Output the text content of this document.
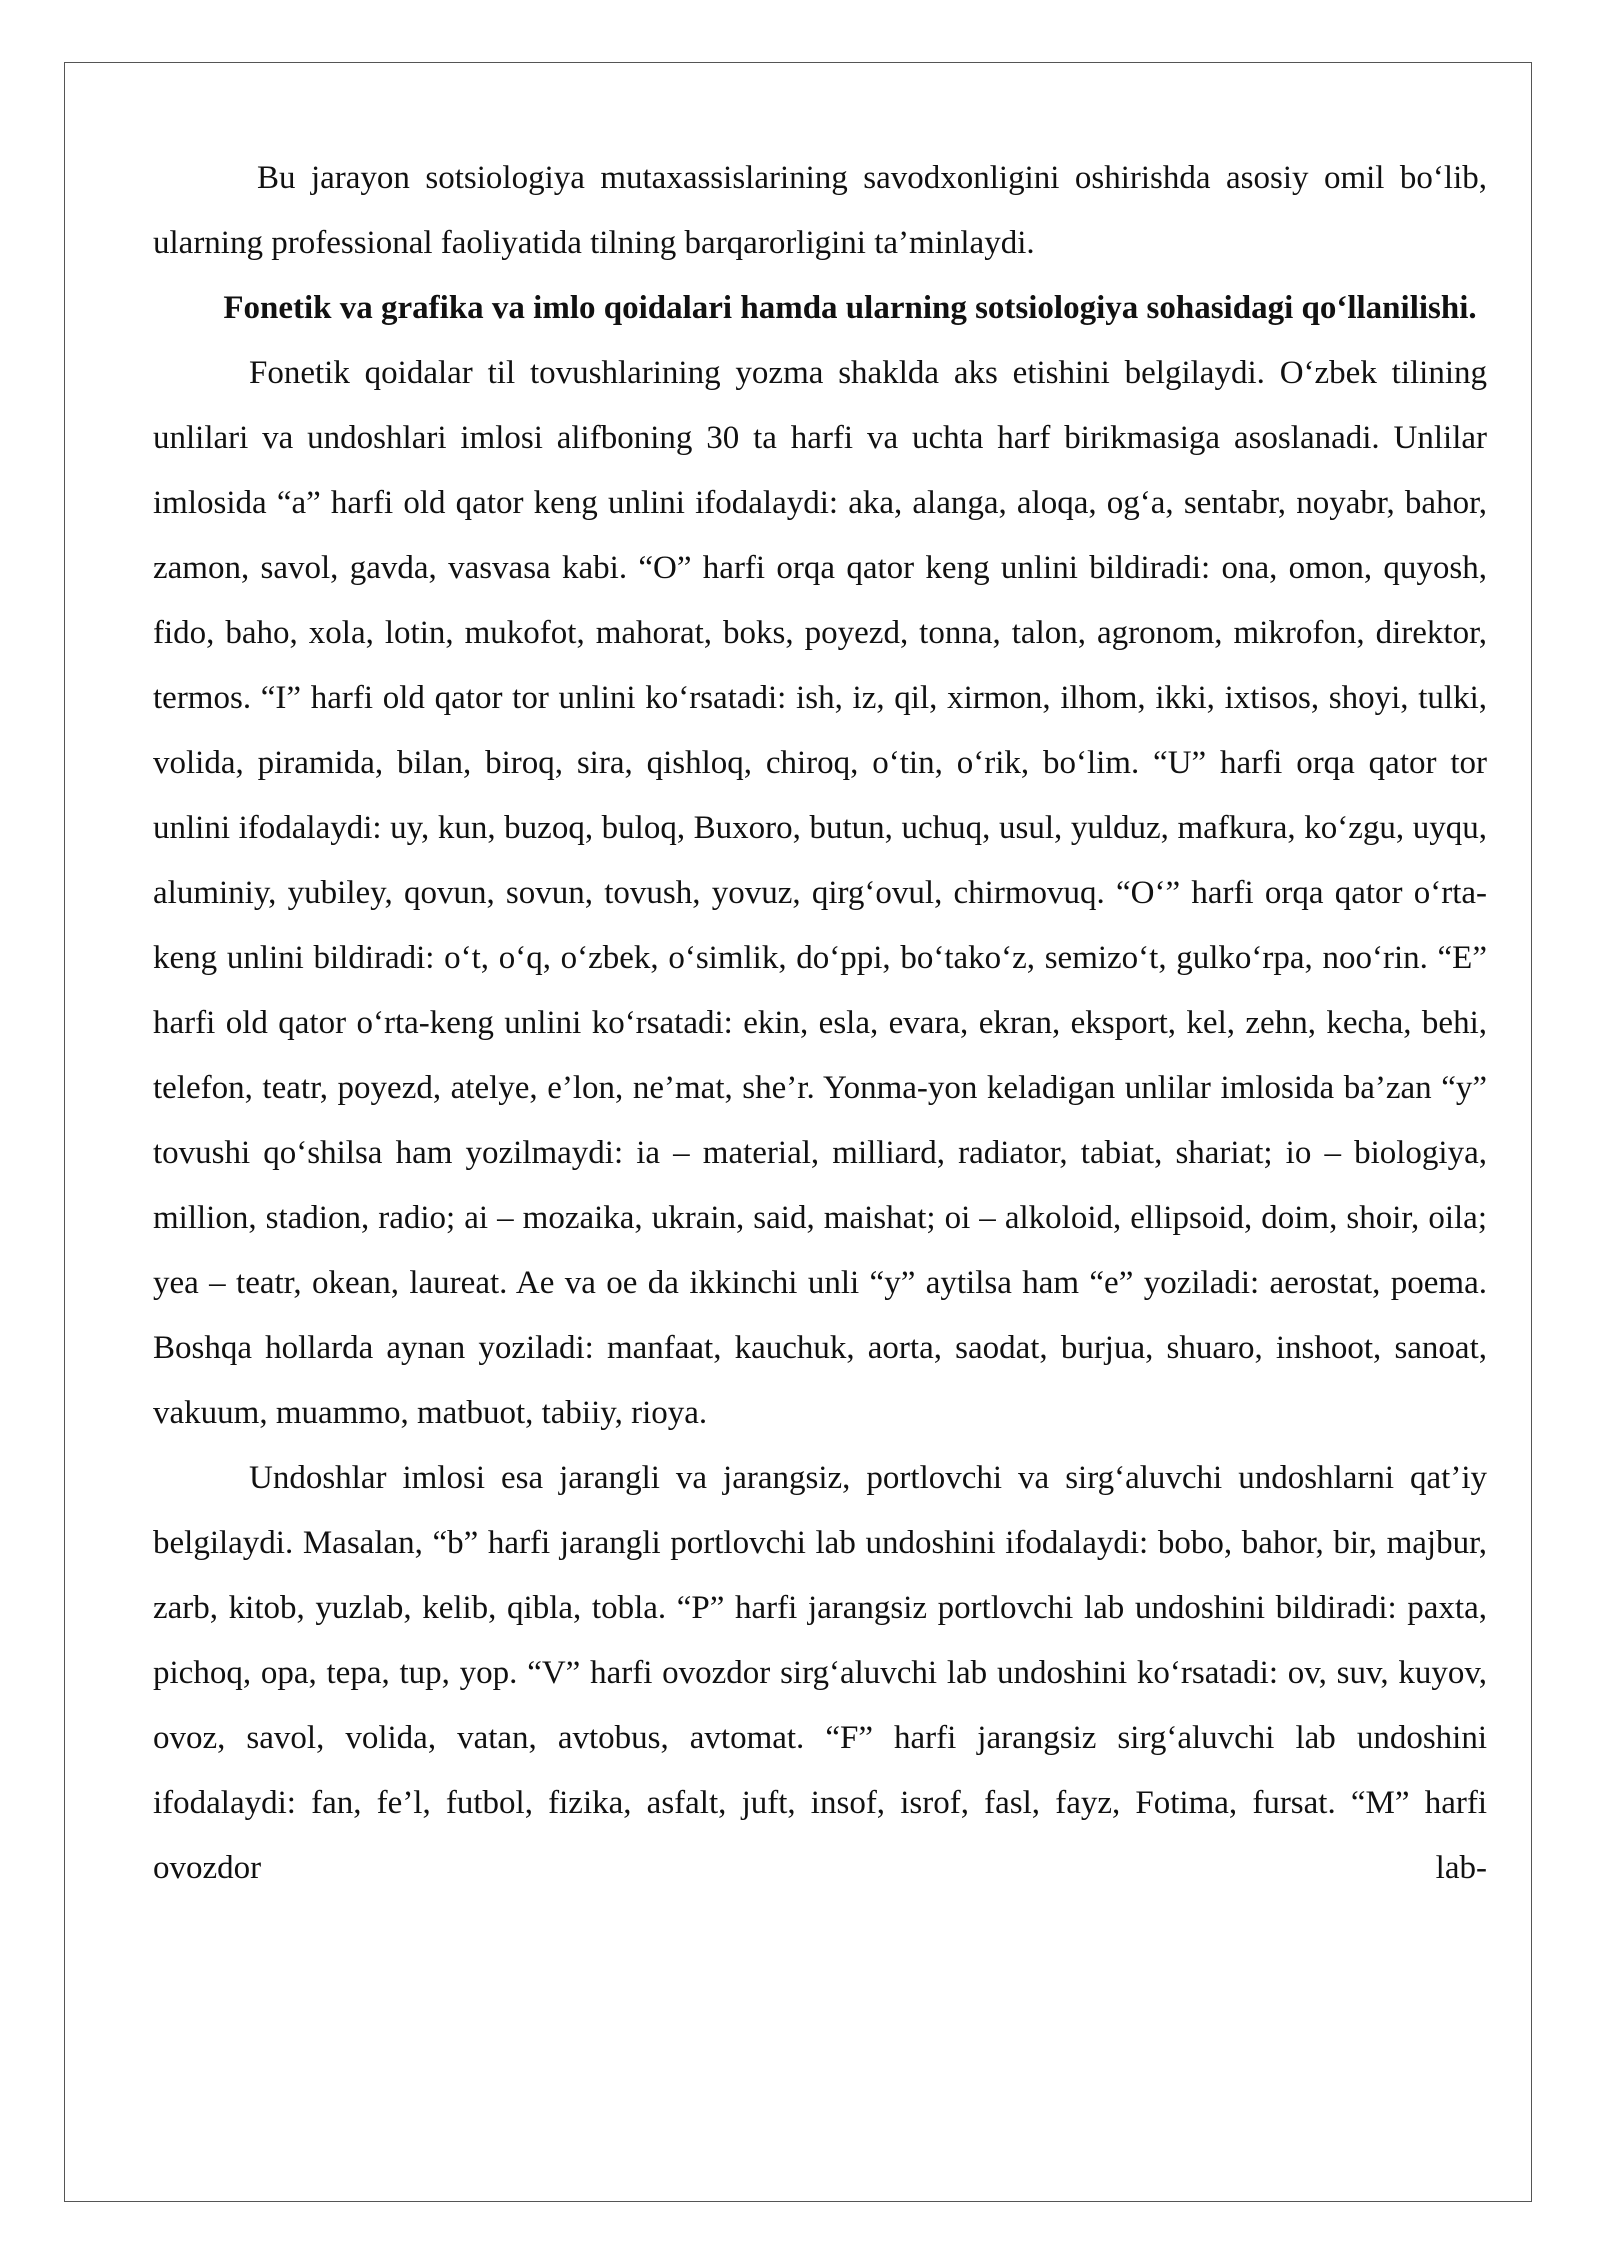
Bu jarayon sotsiologiya mutaxassislarining savodxonligini oshirishda asosiy omil bo‘lib, ularning professional faoliyatida tilning barqarorligini ta’minlaydi.

Fonetik va grafika va imlo qoidalari hamda ularning sotsiologiya sohasidagi qo‘llanilishi.

Fonetik qoidalar til tovushlarining yozma shaklda aks etishini belgilaydi. O‘zbek tilining unlilari va undoshlari imlosi alifboning 30 ta harfi va uchta harf birikmasiga asoslanadi. Unlilar imlosida “a” harfi old qator keng unlini ifodalaydi: aka, alanga, aloqa, og‘a, sentabr, noyabr, bahor, zamon, savol, gavda, vasvasa kabi. “O” harfi orqa qator keng unlini bildiradi: ona, omon, quyosh, fido, baho, xola, lotin, mukofot, mahorat, boks, poyezd, tonna, talon, agronom, mikrofon, direktor, termos. “I” harfi old qator tor unlini ko‘rsatadi: ish, iz, qil, xirmon, ilhom, ikki, ixtisos, shoyi, tulki, volida, piramida, bilan, biroq, sira, qishloq, chiroq, o‘tin, o‘rik, bo‘lim. “U” harfi orqa qator tor unlini ifodalaydi: uy, kun, buzoq, buloq, Buxoro, butun, uchuq, usul, yulduz, mafkura, ko‘zgu, uyqu, aluminiy, yubiley, qovun, sovun, tovush, yovuz, qirg‘ovul, chirmovuq. “O‘” harfi orqa qator o‘rta-keng unlini bildiradi: o‘t, o‘q, o‘zbek, o‘simlik, do‘ppi, bo‘tako‘z, semizo‘t, gulko‘rpa, noo‘rin. “E” harfi old qator o‘rta-keng unlini ko‘rsatadi: ekin, esla, evara, ekran, eksport, kel, zehn, kecha, behi, telefon, teatr, poyezd, atelye, e’lon, ne’mat, she’r. Yonma-yon keladigan unlilar imlosida ba’zan “y” tovushi qo‘shilsa ham yozilmaydi: ia – material, milliard, radiator, tabiat, shariat; io – biologiya, million, stadion, radio; ai – mozaika, ukrain, said, maishat; oi – alkoloid, ellipsoid, doim, shoir, oila; yea – teatr, okean, laureat. Ae va oe da ikkinchi unli “y” aytilsa ham “e” yoziladi: aerostat, poema. Boshqa hollarda aynan yoziladi: manfaat, kauchuk, aorta, saodat, burjua, shuaro, inshoot, sanoat, vakuum, muammo, matbuot, tabiiy, rioya.

Undoshlar imlosi esa jarangli va jarangsiz, portlovchi va sirg‘aluvchi undoshlarni qat’iy belgilaydi. Masalan, “b” harfi jarangli portlovchi lab undoshini ifodalaydi: bobo, bahor, bir, majbur, zarb, kitob, yuzlab, kelib, qibla, tobla. “P” harfi jarangsiz portlovchi lab undoshini bildiradi: paxta, pichoq, opa, tepa, tup, yop. “V” harfi ovozdor sirg‘aluvchi lab undoshini ko‘rsatadi: ov, suv, kuyov, ovoz, savol, volida, vatan, avtobus, avtomat. “F” harfi jarangsiz sirg‘aluvchi lab undoshini ifodalaydi: fan, fe’l, futbol, fizika, asfalt, juft, insof, isrof, fasl, fayz, Fotima, fursat. “M” harfi ovozdor lab-
